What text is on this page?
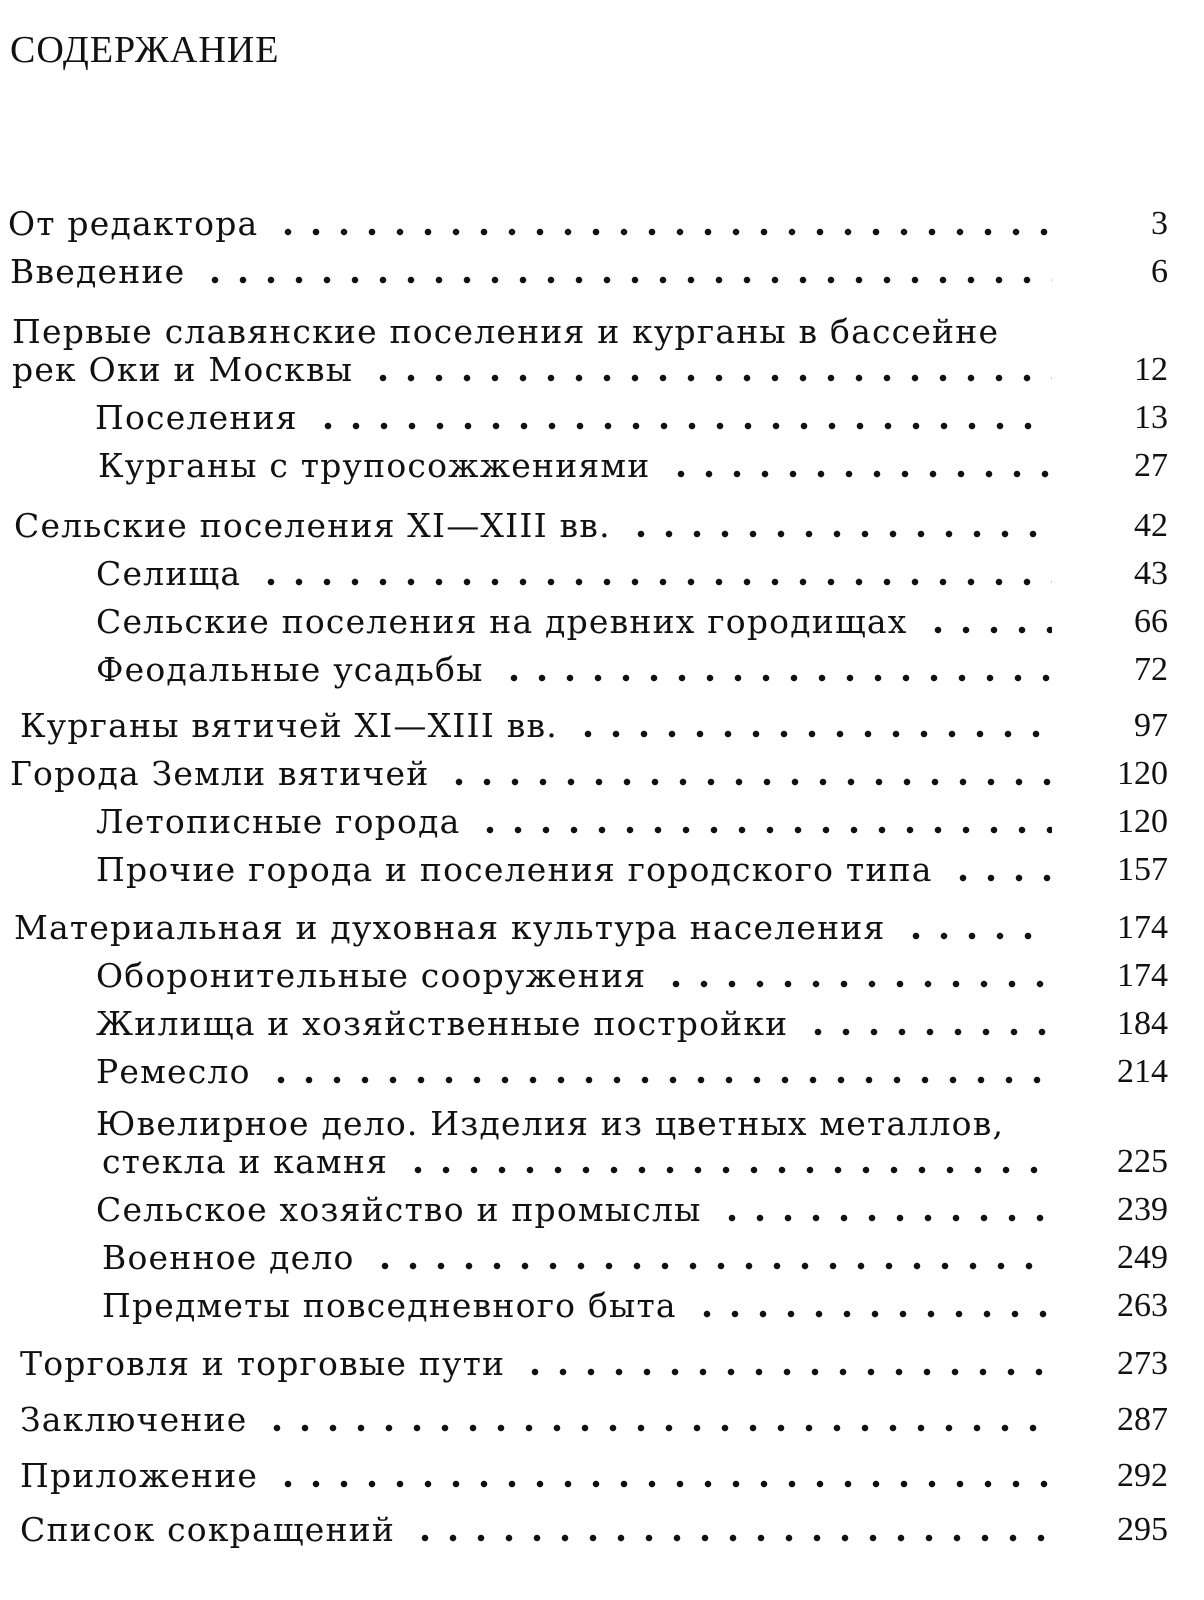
СОДЕРЖАНИЕ
От редактора	3
Введение	6
Первые славянские поселения и курганы в бассейне
рек Оки и Москвы	12
Поселения	13
Курганы с трупосожжениями	27
Сельские поселения XI—XIII вв.	42
Селища	43
Сельские поселения на древних городищах	66
Феодальные усадьбы	72
Курганы вятичей XI—XIII вв.	97
Города Земли вятичей	120
Летописные города	120
Прочие города и поселения городского типа	157
Материальная и духовная культура населения	174
Оборонительные сооружения	174
Жилища и хозяйственные постройки	184
Ремесло	214
Ювелирное дело. Изделия из цветных металлов,
стекла и камня	225
Сельское хозяйство и промыслы	239
Военное дело	249
Предметы повседневного быта	263
Торговля и торговые пути	273
Заключение	287
Приложение	292
Список сокращений	295
